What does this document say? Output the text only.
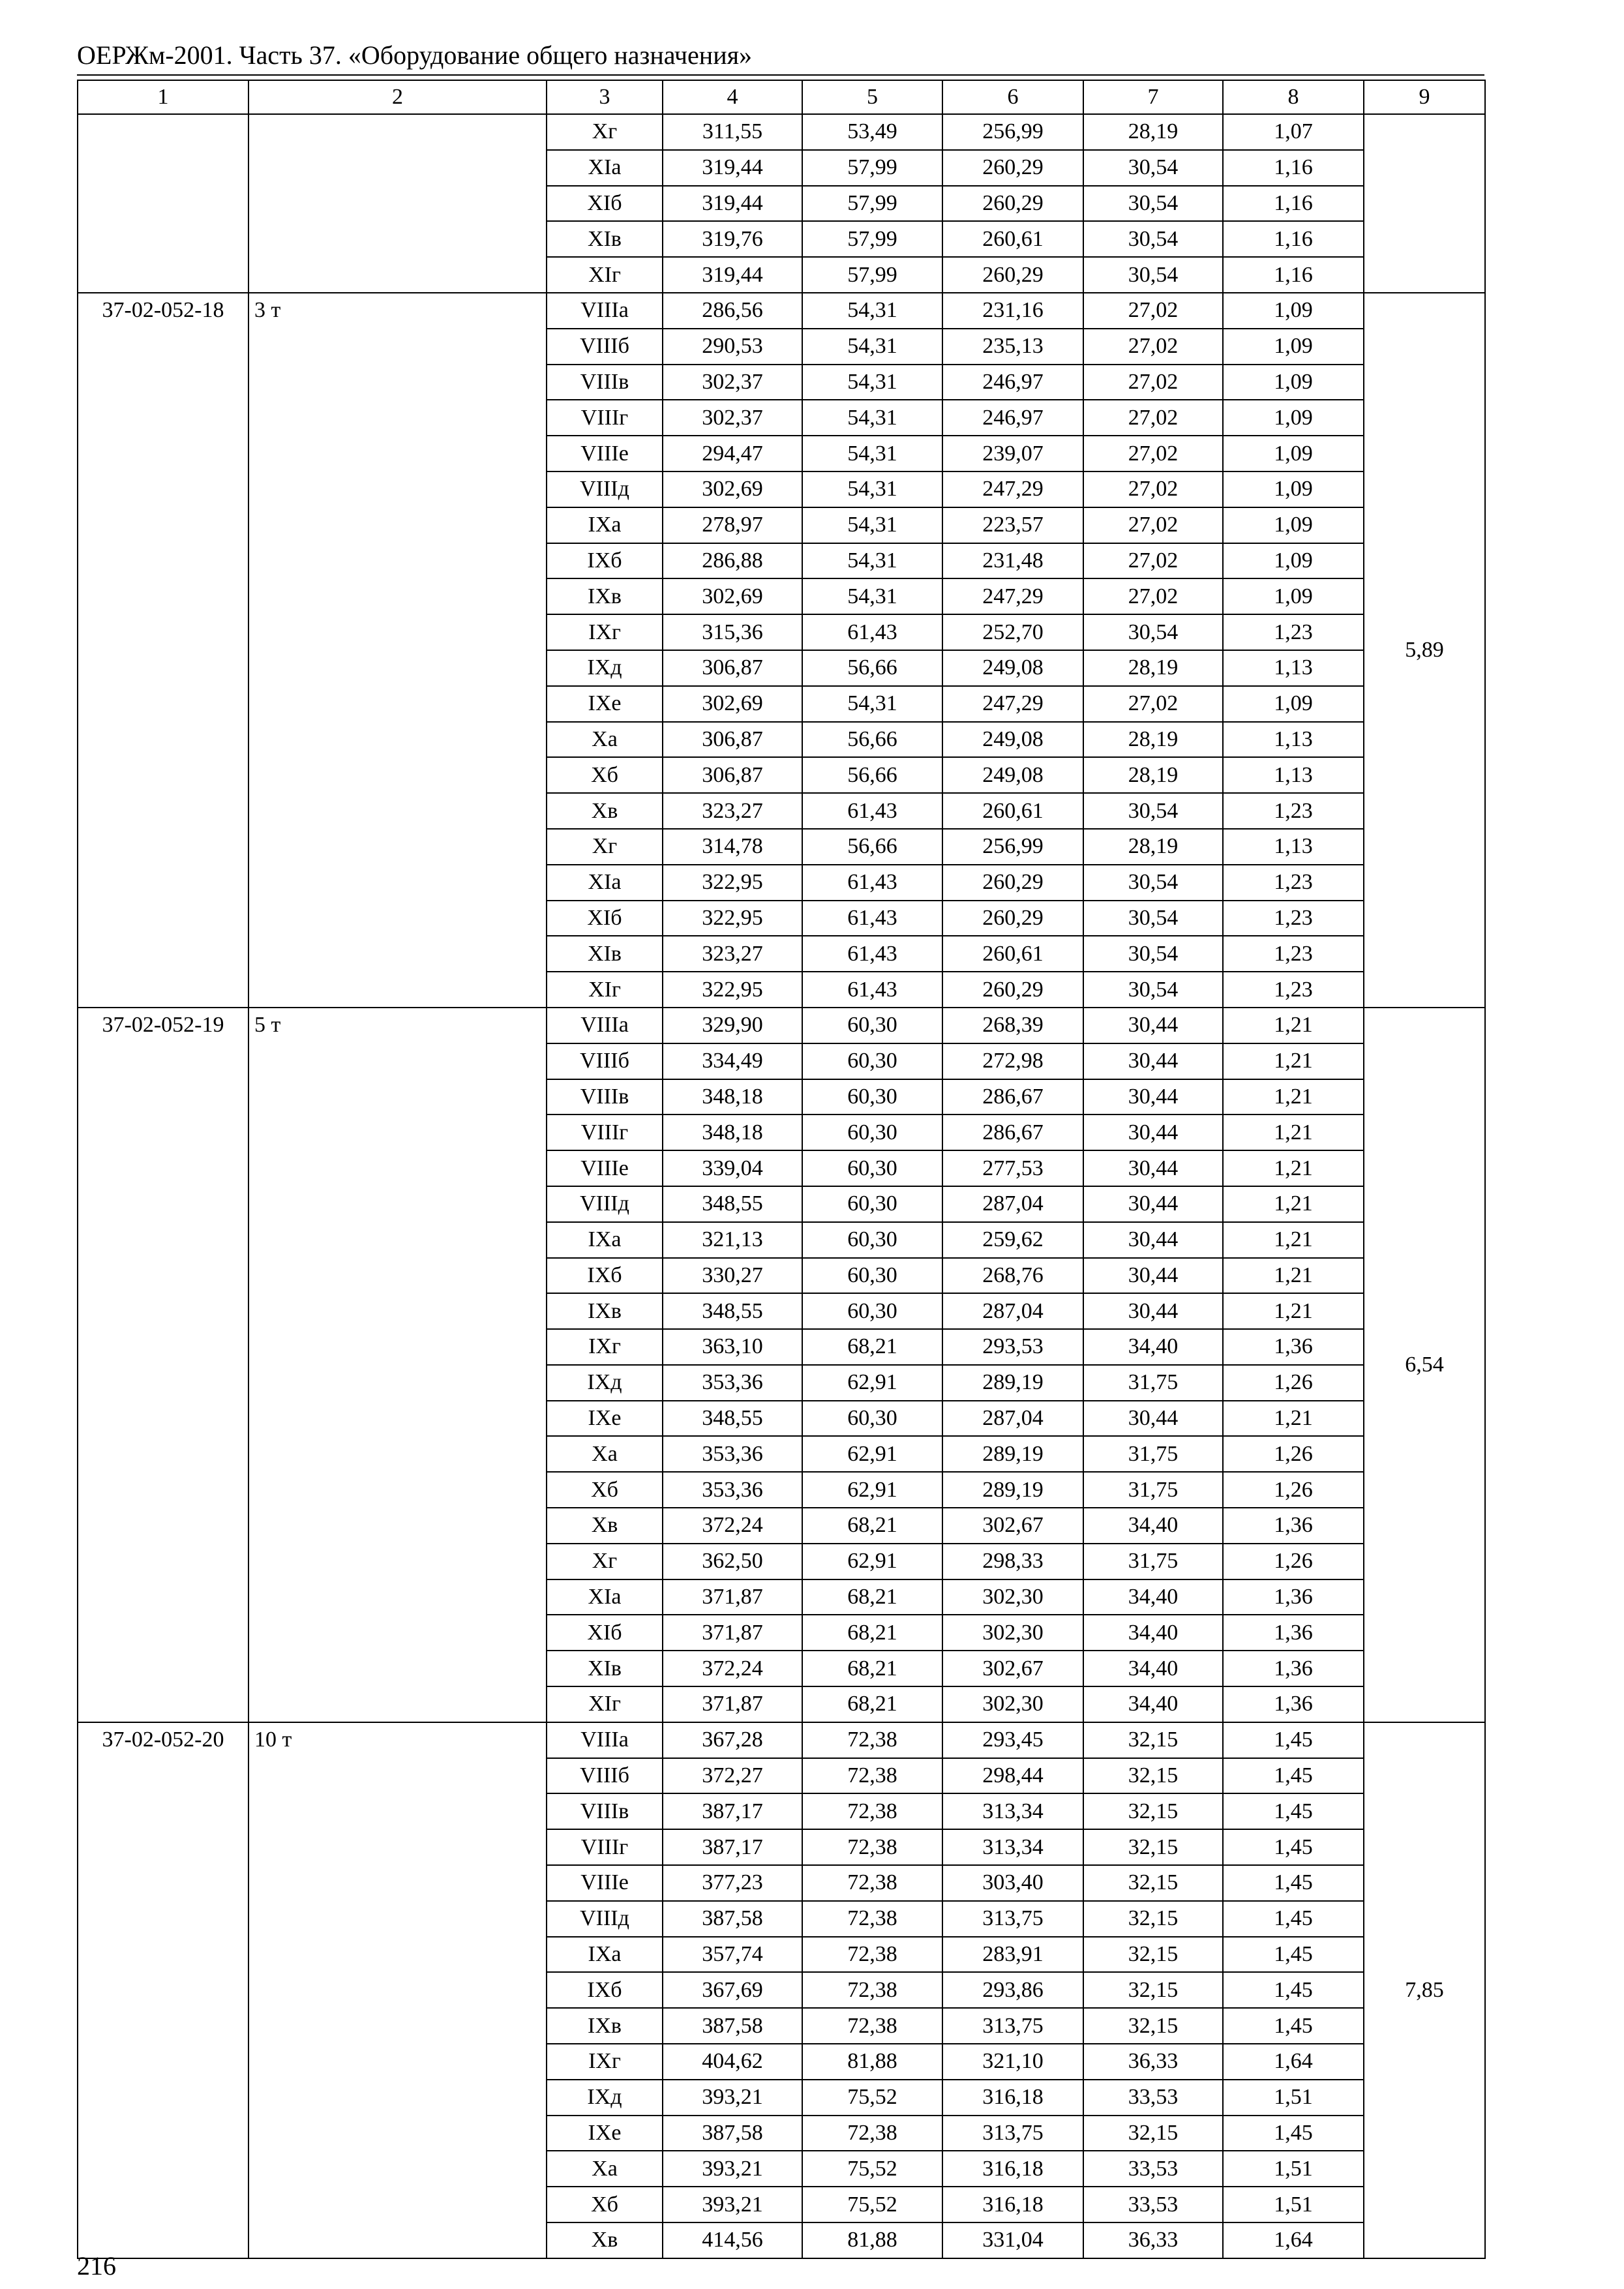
ОЕРЖм-2001. Часть 37. «Оборудование общего назначения»
1	2	3	4	5	6	7	8	9
		Xг	311,55	53,49	256,99	28,19	1,07	
		XIа	319,44	57,99	260,29	30,54	1,16	
		XIб	319,44	57,99	260,29	30,54	1,16	
		XIв	319,76	57,99	260,61	30,54	1,16	
		XIг	319,44	57,99	260,29	30,54	1,16	
37-02-052-18	3 т	VIIIа	286,56	54,31	231,16	27,02	1,09	5,89
		VIIIб	290,53	54,31	235,13	27,02	1,09	
		VIIIв	302,37	54,31	246,97	27,02	1,09	
		VIIIг	302,37	54,31	246,97	27,02	1,09	
		VIIIе	294,47	54,31	239,07	27,02	1,09	
		VIIIд	302,69	54,31	247,29	27,02	1,09	
		IXа	278,97	54,31	223,57	27,02	1,09	
		IXб	286,88	54,31	231,48	27,02	1,09	
		IXв	302,69	54,31	247,29	27,02	1,09	
		IXг	315,36	61,43	252,70	30,54	1,23	
		IXд	306,87	56,66	249,08	28,19	1,13	
		IXе	302,69	54,31	247,29	27,02	1,09	
		Xа	306,87	56,66	249,08	28,19	1,13	
		Xб	306,87	56,66	249,08	28,19	1,13	
		Xв	323,27	61,43	260,61	30,54	1,23	
		Xг	314,78	56,66	256,99	28,19	1,13	
		XIа	322,95	61,43	260,29	30,54	1,23	
		XIб	322,95	61,43	260,29	30,54	1,23	
		XIв	323,27	61,43	260,61	30,54	1,23	
		XIг	322,95	61,43	260,29	30,54	1,23	
37-02-052-19	5 т	VIIIа	329,90	60,30	268,39	30,44	1,21	6,54
		VIIIб	334,49	60,30	272,98	30,44	1,21	
		VIIIв	348,18	60,30	286,67	30,44	1,21	
		VIIIг	348,18	60,30	286,67	30,44	1,21	
		VIIIе	339,04	60,30	277,53	30,44	1,21	
		VIIIд	348,55	60,30	287,04	30,44	1,21	
		IXа	321,13	60,30	259,62	30,44	1,21	
		IXб	330,27	60,30	268,76	30,44	1,21	
		IXв	348,55	60,30	287,04	30,44	1,21	
		IXг	363,10	68,21	293,53	34,40	1,36	
		IXд	353,36	62,91	289,19	31,75	1,26	
		IXе	348,55	60,30	287,04	30,44	1,21	
		Xа	353,36	62,91	289,19	31,75	1,26	
		Xб	353,36	62,91	289,19	31,75	1,26	
		Xв	372,24	68,21	302,67	34,40	1,36	
		Xг	362,50	62,91	298,33	31,75	1,26	
		XIа	371,87	68,21	302,30	34,40	1,36	
		XIб	371,87	68,21	302,30	34,40	1,36	
		XIв	372,24	68,21	302,67	34,40	1,36	
		XIг	371,87	68,21	302,30	34,40	1,36	
37-02-052-20	10 т	VIIIа	367,28	72,38	293,45	32,15	1,45	7,85
		VIIIб	372,27	72,38	298,44	32,15	1,45	
		VIIIв	387,17	72,38	313,34	32,15	1,45	
		VIIIг	387,17	72,38	313,34	32,15	1,45	
		VIIIе	377,23	72,38	303,40	32,15	1,45	
		VIIIд	387,58	72,38	313,75	32,15	1,45	
		IXа	357,74	72,38	283,91	32,15	1,45	
		IXб	367,69	72,38	293,86	32,15	1,45	
		IXв	387,58	72,38	313,75	32,15	1,45	
		IXг	404,62	81,88	321,10	36,33	1,64	
		IXд	393,21	75,52	316,18	33,53	1,51	
		IXе	387,58	72,38	313,75	32,15	1,45	
		Xа	393,21	75,52	316,18	33,53	1,51	
		Xб	393,21	75,52	316,18	33,53	1,51	
		Xв	414,56	81,88	331,04	36,33	1,64	
216
